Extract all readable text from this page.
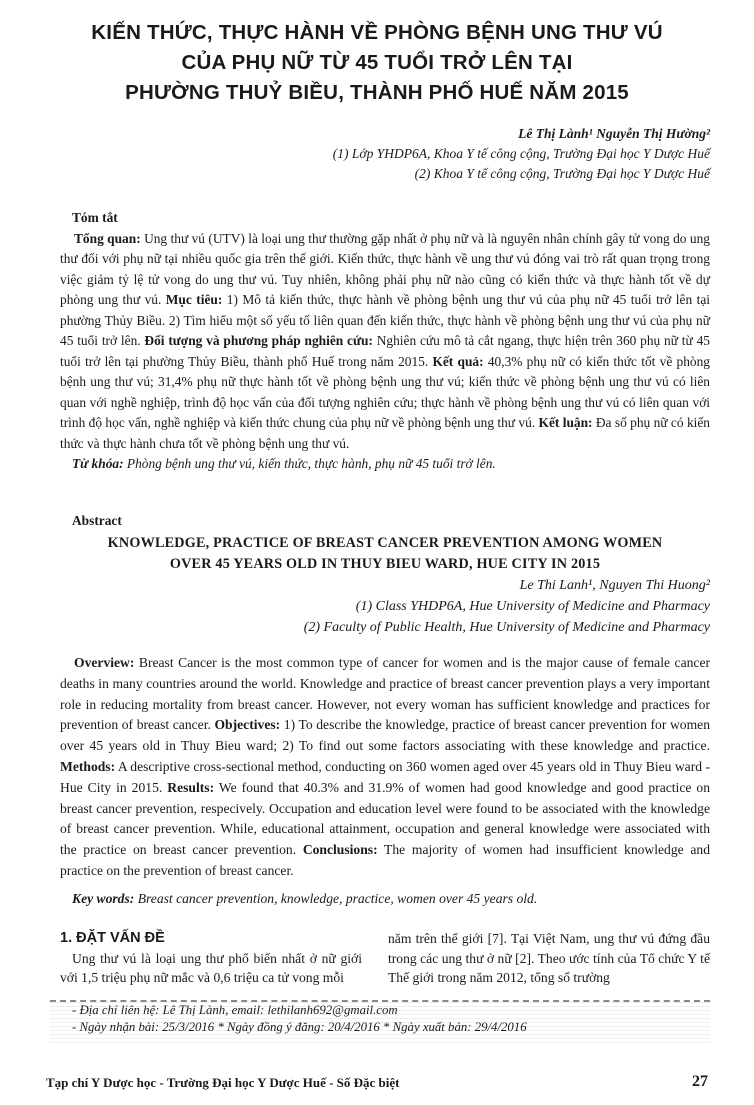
KIẾN THỨC, THỰC HÀNH VỀ PHÒNG BỆNH UNG THƯ VÚ
CỦA PHỤ NỮ TỪ 45 TUỔI TRỞ LÊN TẠI
PHƯỜNG THUỶ BIỀU, THÀNH PHỐ HUẾ NĂM 2015
Lê Thị Lành¹ Nguyễn Thị Hường²
(1) Lớp YHDP6A, Khoa Y tế công cộng, Trường Đại học Y Dược Huế
(2) Khoa Y tế công cộng, Trường Đại học Y Dược Huế
Tóm tắt
Tổng quan: Ung thư vú (UTV) là loại ung thư thường gặp nhất ở phụ nữ và là nguyên nhân chính gây tử vong do ung thư đối với phụ nữ tại nhiều quốc gia trên thế giới. Kiến thức, thực hành về ung thư vú đóng vai trò rất quan trọng trong việc giảm tỷ lệ tử vong do ung thư vú. Tuy nhiên, không phải phụ nữ nào cũng có kiến thức và thực hành tốt về dự phòng ung thư vú. Mục tiêu: 1) Mô tả kiến thức, thực hành về phòng bệnh ung thư vú của phụ nữ 45 tuổi trở lên tại phường Thủy Biều. 2) Tìm hiểu một số yếu tố liên quan đến kiến thức, thực hành về phòng bệnh ung thư vú của phụ nữ 45 tuổi trở lên. Đối tượng và phương pháp nghiên cứu: Nghiên cứu mô tả cắt ngang, thực hiện trên 360 phụ nữ từ 45 tuổi trở lên tại phường Thủy Biều, thành phố Huế trong năm 2015. Kết quả: 40,3% phụ nữ có kiến thức tốt về phòng bệnh ung thư vú; 31,4% phụ nữ thực hành tốt về phòng bệnh ung thư vú; kiến thức về phòng bệnh ung thư vú có liên quan với nghề nghiệp, trình độ học vấn của đối tượng nghiên cứu; thực hành về phòng bệnh ung thư vú có liên quan với trình độ học vấn, nghề nghiệp và kiến thức chung của phụ nữ về phòng bệnh ung thư vú. Kết luận: Đa số phụ nữ có kiến thức và thực hành chưa tốt về phòng bệnh ung thư vú.
Từ khóa: Phòng bệnh ung thư vú, kiến thức, thực hành, phụ nữ 45 tuổi trở lên.
Abstract
KNOWLEDGE, PRACTICE OF BREAST CANCER PREVENTION AMONG WOMEN
OVER 45 YEARS OLD IN THUY BIEU WARD, HUE CITY IN 2015
Le Thi Lanh¹, Nguyen Thi Huong²
(1) Class YHDP6A, Hue University of Medicine and Pharmacy
(2) Faculty of Public Health, Hue University of Medicine and Pharmacy
Overview: Breast Cancer is the most common type of cancer for women and is the major cause of female cancer deaths in many countries around the world. Knowledge and practice of breast cancer prevention plays a very important role in reducing mortality from breast cancer. However, not every woman has sufficient knowledge and practices for prevention of breast cancer. Objectives: 1) To describe the knowledge, practice of breast cancer prevention for women over 45 years old in Thuy Bieu ward; 2) To find out some factors associating with these knowledge and practice. Methods: A descriptive cross-sectional method, conducting on 360 women aged over 45 years old in Thuy Bieu ward - Hue City in 2015. Results: We found that 40.3% and 31.9% of women had good knowledge and good practice on breast cancer prevention, respecively. Occupation and education level were found to be associated with the knowledge of breast cancer prevention. While, educational attainment, occupation and general knowledge were associated with the practice on breast cancer prevention. Conclusions: The majority of women had insufficient knowledge and practice on the prevention of breast cancer.
Key words: Breast cancer prevention, knowledge, practice, women over 45 years old.
1. ĐẶT VẤN ĐỀ
Ung thư vú là loại ung thư phổ biến nhất ở nữ giới với 1,5 triệu phụ nữ mắc và 0,6 triệu ca tử vong mỗi
năm trên thế giới [7]. Tại Việt Nam, ung thư vú đứng đầu trong các ung thư ở nữ [2]. Theo ước tính của Tổ chức Y tế Thế giới trong năm 2012, tổng số trường
- Địa chỉ liên hệ: Lê Thị Lành, email: lethilanh692@gmail.com
- Ngày nhận bài: 25/3/2016 * Ngày đồng ý đăng: 20/4/2016 * Ngày xuất bản: 29/4/2016
Tạp chí Y Dược học - Trường Đại học Y Dược Huế - Số Đặc biệt	27
